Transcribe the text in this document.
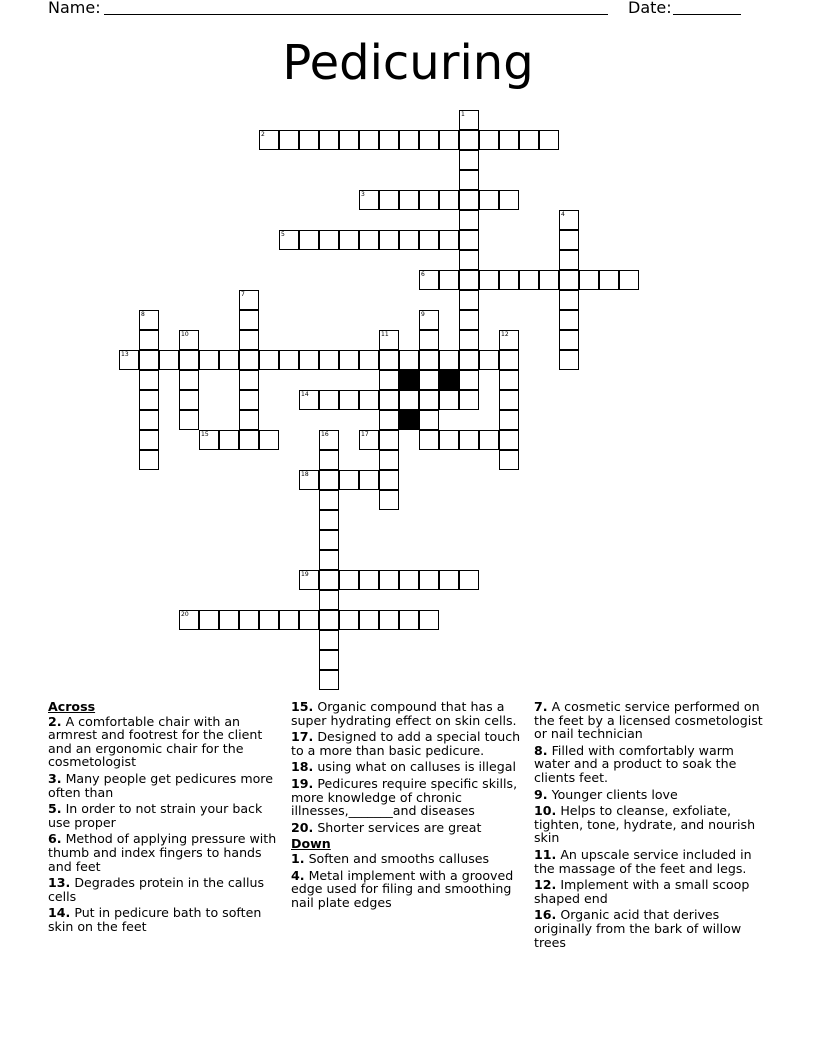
Name:	Date:
Pedicuring
1
2
3
4
5
6
7
8	9
10	11	12
13
14
15	16	17
18
19
20
Across
2. A comfortable chair with an armrest and footrest for the client and an ergonomic chair for the cosmetologist
3. Many people get pedicures more often than
5. In order to not strain your back use proper
6. Method of applying pressure with thumb and index fingers to hands and feet
13. Degrades protein in the callus cells
14. Put in pedicure bath to soften skin on the feet
15. Organic compound that has a super hydrating effect on skin cells.
17. Designed to add a special touch to a more than basic pedicure.
18. using what on calluses is illegal
19. Pedicures require specific skills, more knowledge of chronic illnesses,_______and diseases
20. Shorter services are great
Down
1. Soften and smooths calluses
4. Metal implement with a grooved edge used for filing and smoothing nail plate edges
7. A cosmetic service performed on the feet by a licensed cosmetologist or nail technician
8. Filled with comfortably warm water and a product to soak the clients feet.
9. Younger clients love
10. Helps to cleanse, exfoliate, tighten, tone, hydrate, and nourish skin
11. An upscale service included in the massage of the feet and legs.
12. Implement with a small scoop shaped end
16. Organic acid that derives originally from the bark of willow trees
